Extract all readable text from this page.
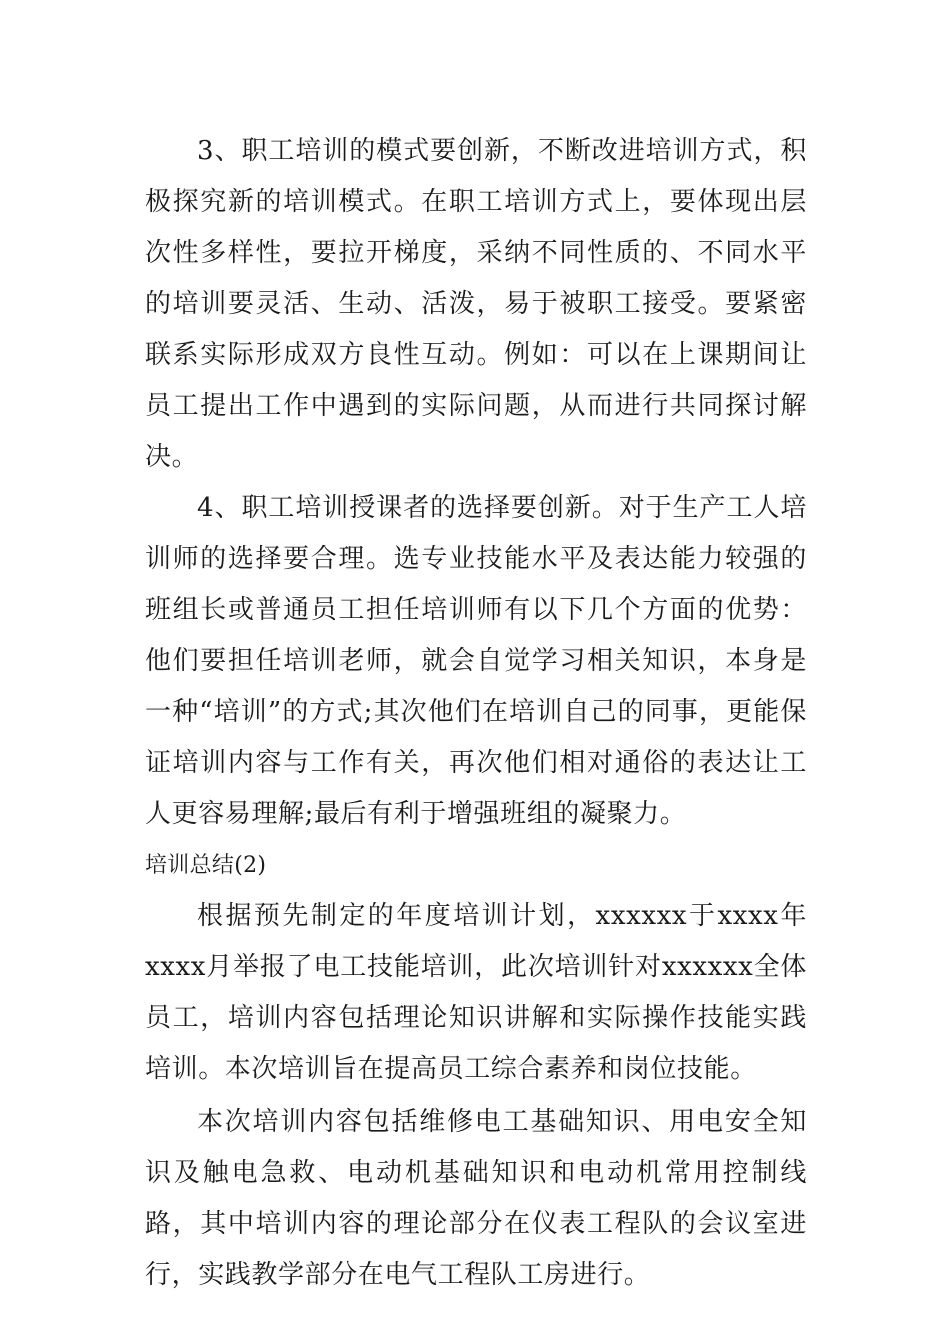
3、职工培训的模式要创新，不断改进培训方式，积极探究新的培训模式。在职工培训方式上，要体现出层次性多样性，要拉开梯度，采纳不同性质的、不同水平的培训要灵活、生动、活泼，易于被职工接受。要紧密联系实际形成双方良性互动。例如：可以在上课期间让员工提出工作中遇到的实际问题，从而进行共同探讨解决。

4、职工培训授课者的选择要创新。对于生产工人培训师的选择要合理。选专业技能水平及表达能力较强的班组长或普通员工担任培训师有以下几个方面的优势：他们要担任培训老师，就会自觉学习相关知识，本身是一种“培训”的方式;其次他们在培训自己的同事，更能保证培训内容与工作有关，再次他们相对通俗的表达让工人更容易理解;最后有利于增强班组的凝聚力。

培训总结(2)

根据预先制定的年度培训计划，xxxxxx于xxxx年xxxx月举报了电工技能培训，此次培训针对xxxxxx全体员工，培训内容包括理论知识讲解和实际操作技能实践培训。本次培训旨在提高员工综合素养和岗位技能。

本次培训内容包括维修电工基础知识、用电安全知识及触电急救、电动机基础知识和电动机常用控制线路，其中培训内容的理论部分在仪表工程队的会议室进行，实践教学部分在电气工程队工房进行。
